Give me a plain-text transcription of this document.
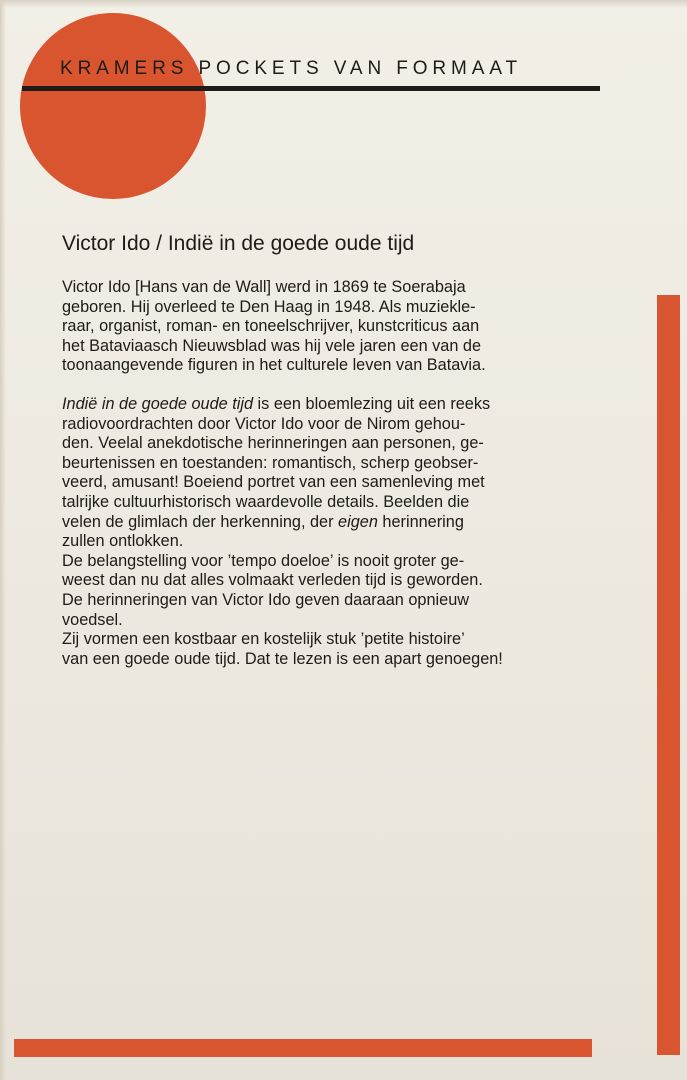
KRAMERS POCKETS VAN FORMAAT

Victor Ido / Indië in de goede oude tijd

Victor Ido [Hans van de Wall] werd in 1869 te Soerabaja
geboren. Hij overleed te Den Haag in 1948. Als muziekle-
raar, organist, roman- en toneelschrijver, kunstcriticus aan
het Bataviaasch Nieuwsblad was hij vele jaren een van de
toonaangevende figuren in het culturele leven van Batavia.

Indië in de goede oude tijd is een bloemlezing uit een reeks
radiovoordrachten door Victor Ido voor de Nirom gehou-
den. Veelal anekdotische herinneringen aan personen, ge-
beurtenissen en toestanden: romantisch, scherp geobser-
veerd, amusant! Boeiend portret van een samenleving met
talrijke cultuurhistorisch waardevolle details. Beelden die
velen de glimlach der herkenning, der eigen herinnering
zullen ontlokken.

De belangstelling voor ’tempo doeloe’ is nooit groter ge-
weest dan nu dat alles volmaakt verleden tijd is geworden.
De herinneringen van Victor Ido geven daaraan opnieuw
voedsel.

Zij vormen een kostbaar en kostelijk stuk ’petite histoire’
van een goede oude tijd. Dat te lezen is een apart genoegen!
